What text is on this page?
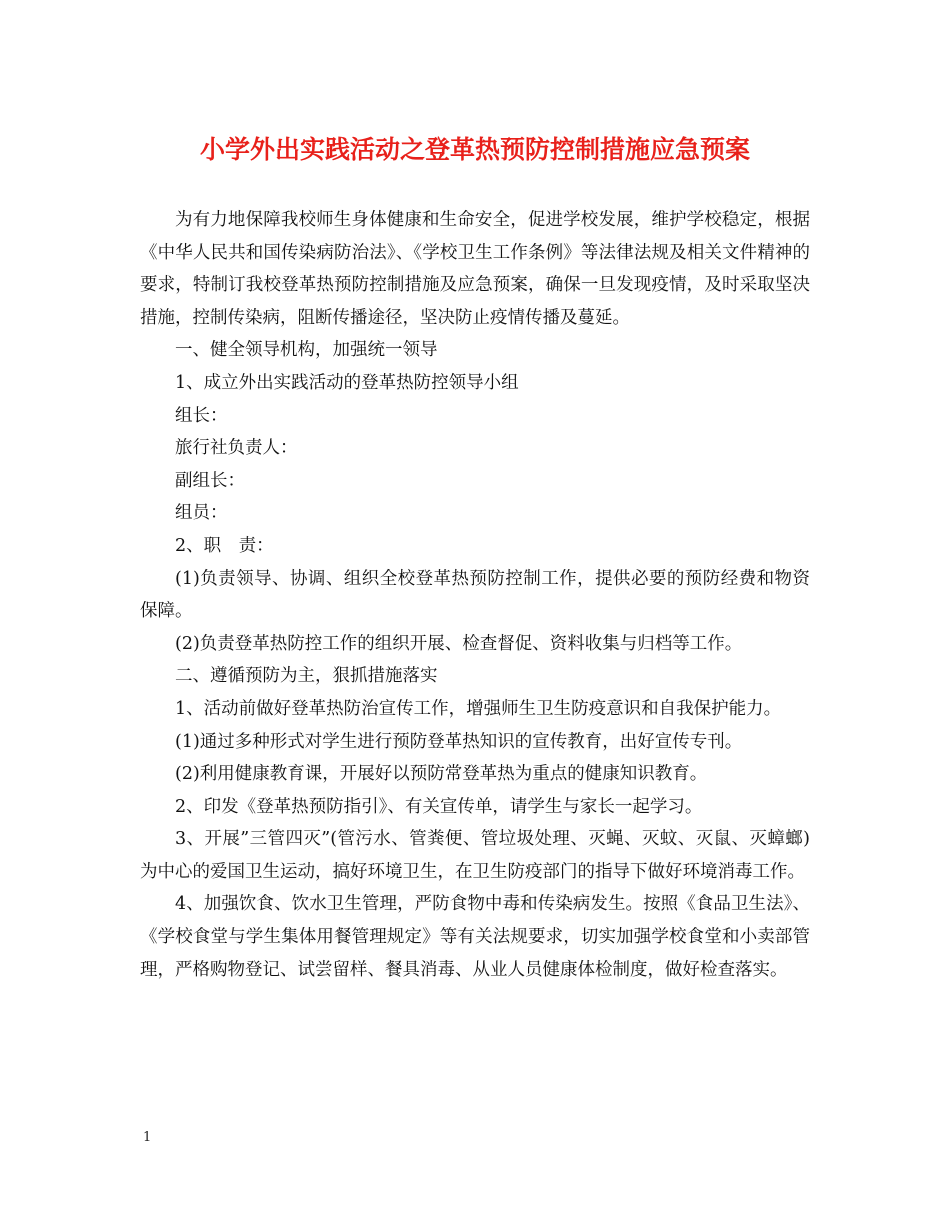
小学外出实践活动之登革热预防控制措施应急预案

为有力地保障我校师生身体健康和生命安全，促进学校发展，维护学校稳定，根据《中华人民共和国传染病防治法》、《学校卫生工作条例》等法律法规及相关文件精神的要求，特制订我校登革热预防控制措施及应急预案，确保一旦发现疫情，及时采取坚决措施，控制传染病，阻断传播途径，坚决防止疫情传播及蔓延。

一、健全领导机构，加强统一领导

1、成立外出实践活动的登革热防控领导小组

组长：

旅行社负责人：

副组长：

组员：

2、职　责：

(1)负责领导、协调、组织全校登革热预防控制工作，提供必要的预防经费和物资保障。

(2)负责登革热防控工作的组织开展、检查督促、资料收集与归档等工作。

二、遵循预防为主，狠抓措施落实

1、活动前做好登革热防治宣传工作，增强师生卫生防疫意识和自我保护能力。

(1)通过多种形式对学生进行预防登革热知识的宣传教育，出好宣传专刊。

(2)利用健康教育课，开展好以预防常登革热为重点的健康知识教育。

2、印发《登革热预防指引》、有关宣传单，请学生与家长一起学习。

3、开展”三管四灭”(管污水、管粪便、管垃圾处理、灭蝇、灭蚊、灭鼠、灭蟑螂)为中心的爱国卫生运动，搞好环境卫生，在卫生防疫部门的指导下做好环境消毒工作。

4、加强饮食、饮水卫生管理，严防食物中毒和传染病发生。按照《食品卫生法》、《学校食堂与学生集体用餐管理规定》等有关法规要求，切实加强学校食堂和小卖部管理，严格购物登记、试尝留样、餐具消毒、从业人员健康体检制度，做好检查落实。

1
